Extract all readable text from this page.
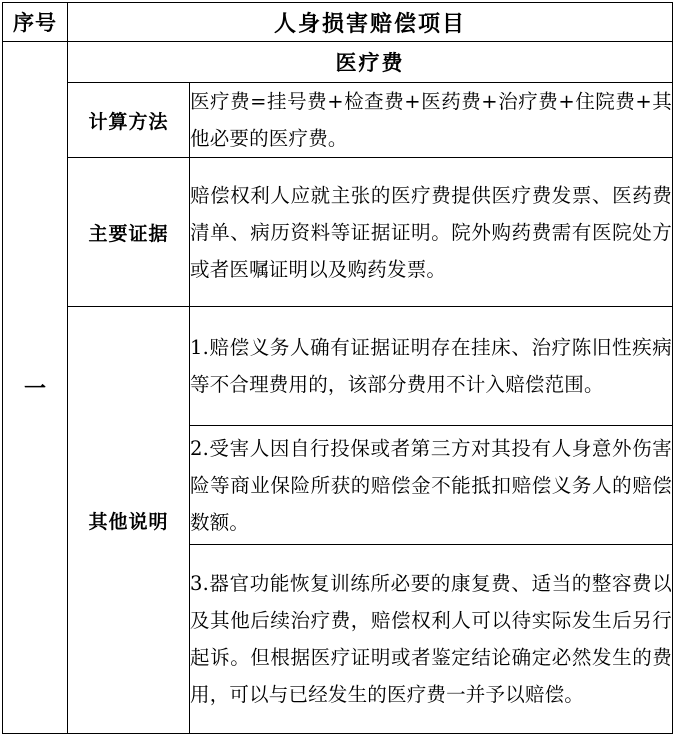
序号	人身损害赔偿项目	
一	医疗费	
	计算方法	医疗费=挂号费+检查费+医药费+治疗费+住院费+其他必要的医疗费。
	主要证据	赔偿权利人应就主张的医疗费提供医疗费发票、医药费清单、病历资料等证据证明。院外购药费需有医院处方或者医嘱证明以及购药发票。
	其他说明	1.赔偿义务人确有证据证明存在挂床、治疗陈旧性疾病等不合理费用的，该部分费用不计入赔偿范围。
		2.受害人因自行投保或者第三方对其投有人身意外伤害险等商业保险所获的赔偿金不能抵扣赔偿义务人的赔偿数额。
		3.器官功能恢复训练所必要的康复费、适当的整容费以及其他后续治疗费，赔偿权利人可以待实际发生后另行起诉。但根据医疗证明或者鉴定结论确定必然发生的费用，可以与已经发生的医疗费一并予以赔偿。
